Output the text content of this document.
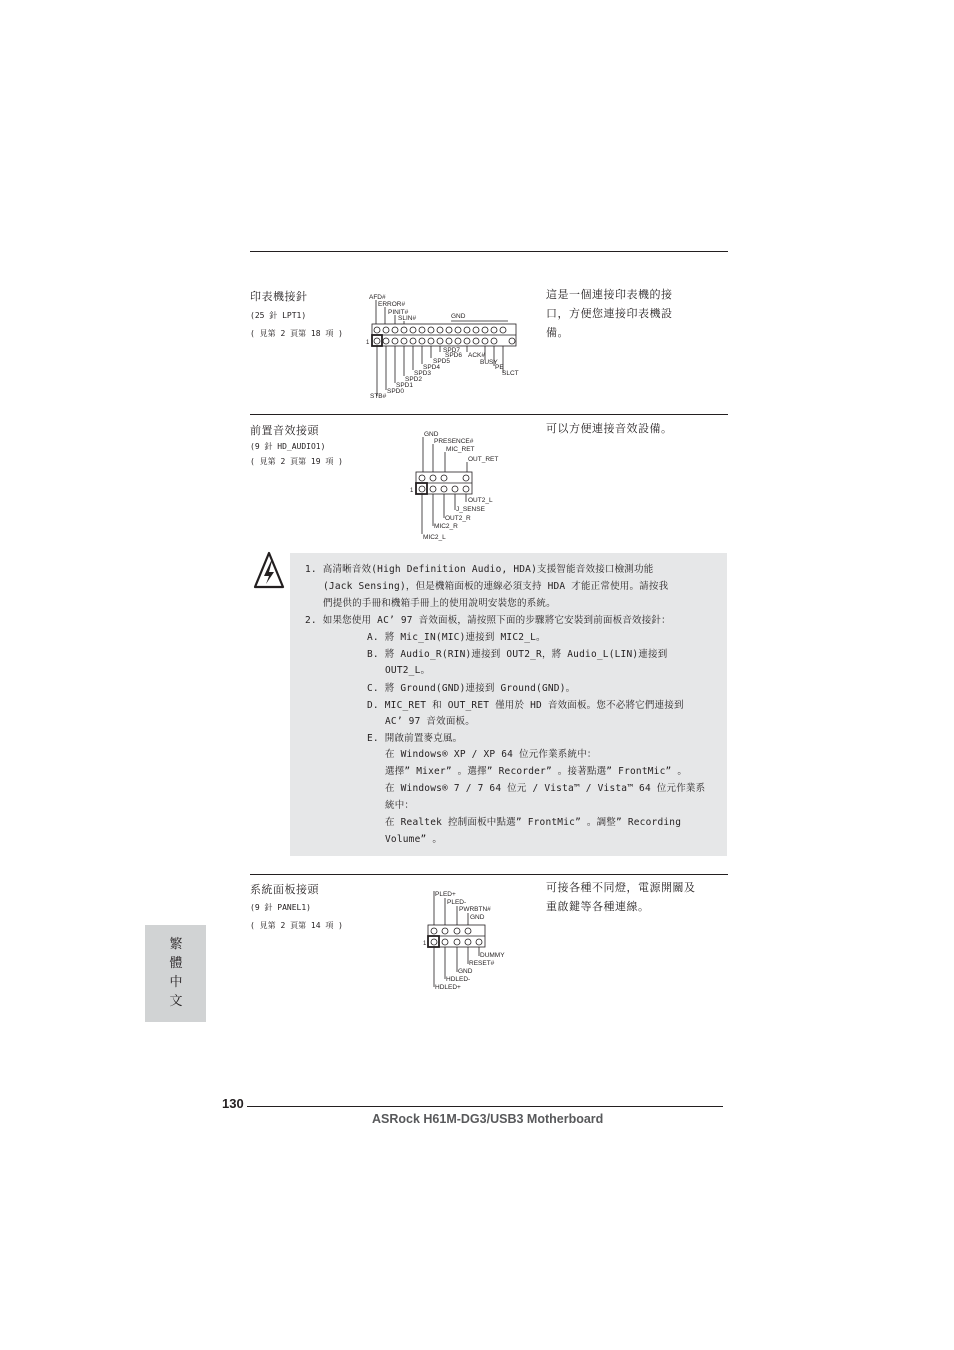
印表機接針
(25 針 LPT1)
( 見第 2 頁第 18 項 )
這是一個連接印表機的接
口，方便您連接印表機設
備。
AFD#
ERROR#
PINIT#
SLIN#	GND
1
SPD7
ACK#
SPD6
BUSY
SPD5
PE
SPD4
SLCT
SPD3
SPD2
SPD1
SPD0
STB#
前置音效接頭
(9 針 HD_AUDIO1)
( 見第 2 頁第 19 項 )
可以方便連接音效設備。
GND
PRESENCE#
MIC_RET
OUT_RET
1
OUT2_L
J_SENSE
OUT2_R
MIC2_R
MIC2_L
1. 高清晰音效(High Definition Audio, HDA)支援智能音效接口檢測功能
(Jack Sensing)，但是機箱面板的連線必須支持 HDA 才能正常使用。請按我
們提供的手冊和機箱手冊上的使用說明安裝您的系統。
2. 如果您使用 AC’ 97 音效面板，請按照下面的步驟將它安裝到前面板音效接針：
A. 將 Mic_IN(MIC)連接到 MIC2_L。
B. 將 Audio_R(RIN)連接到 OUT2_R，將 Audio_L(LIN)連接到
OUT2_L。
C. 將 Ground(GND)連接到 Ground(GND)。
D. MIC_RET 和 OUT_RET 僅用於 HD 音效面板。您不必將它們連接到
AC’ 97 音效面板。
E. 開啟前置麥克風。
在 Windows® XP / XP 64 位元作業系統中：
選擇” Mixer” 。選擇” Recorder” 。接著點選” FrontMic” 。
在 Windows® 7 / 7 64 位元 / Vista™ / Vista™ 64 位元作業系
統中：
在 Realtek 控制面板中點選” FrontMic” 。調整” Recording
Volume” 。
系統面板接頭
(9 針 PANEL1)
( 見第 2 頁第 14 項 )
可接各種不同燈，電源開關及
重啟鍵等各種連線。
PLED+
PLED-
PWRBTN#
GND
1
DUMMY
RESET#
GND
HDLED-
HDLED+
繁
體
中
文
130
ASRock H61M-DG3/USB3 Motherboard
